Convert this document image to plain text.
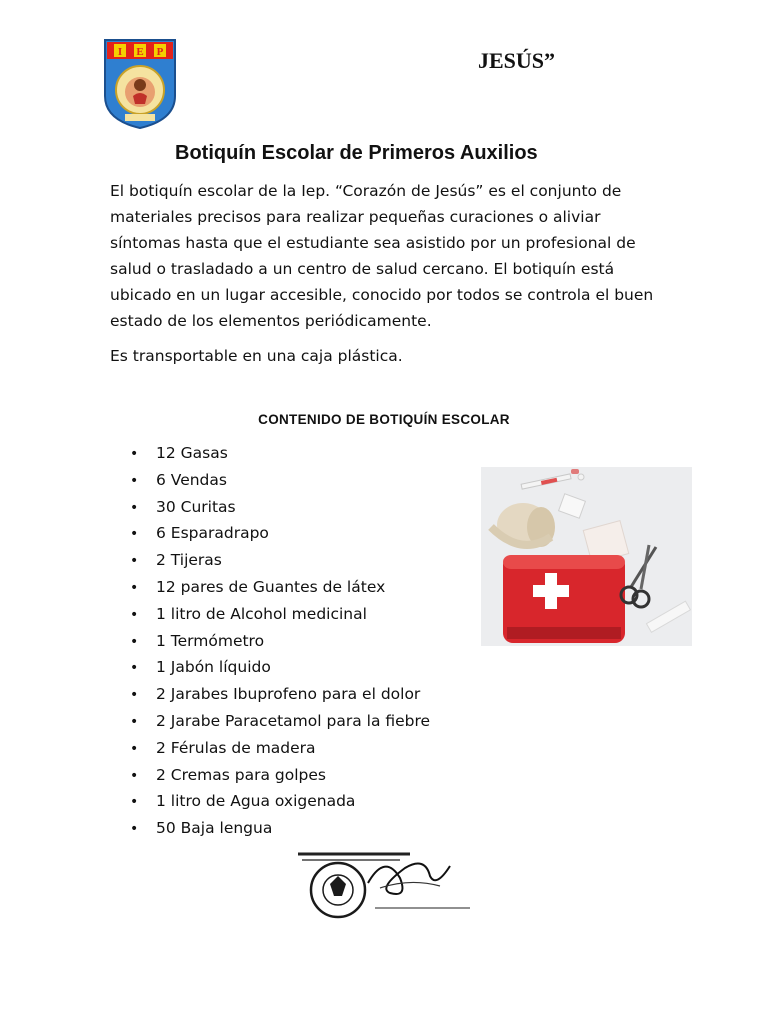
I E P	JESÚS”
Botiquín Escolar de Primeros Auxilios

El botiquín escolar de la Iep. “Corazón de Jesús” es el conjunto de materiales precisos para realizar pequeñas curaciones o aliviar síntomas hasta que el estudiante sea asistido por un profesional de salud o trasladado a un centro de salud cercano. El botiquín está ubicado en un lugar accesible, conocido por todos se controla el buen estado de los elementos periódicamente.

Es transportable en una caja plástica.

CONTENIDO DE BOTIQUÍN ESCOLAR
• 12 Gasas
• 6 Vendas
• 30 Curitas
• 6 Esparadrapo
• 2 Tijeras
• 12 pares de Guantes de látex
• 1 litro de Alcohol medicinal
• 1 Termómetro
• 1 Jabón líquido
• 2 Jarabes Ibuprofeno para el dolor
• 2 Jarabe Paracetamol para la fiebre
• 2 Férulas de madera
• 2 Cremas para golpes
• 1 litro de Agua oxigenada
• 50 Baja lengua
